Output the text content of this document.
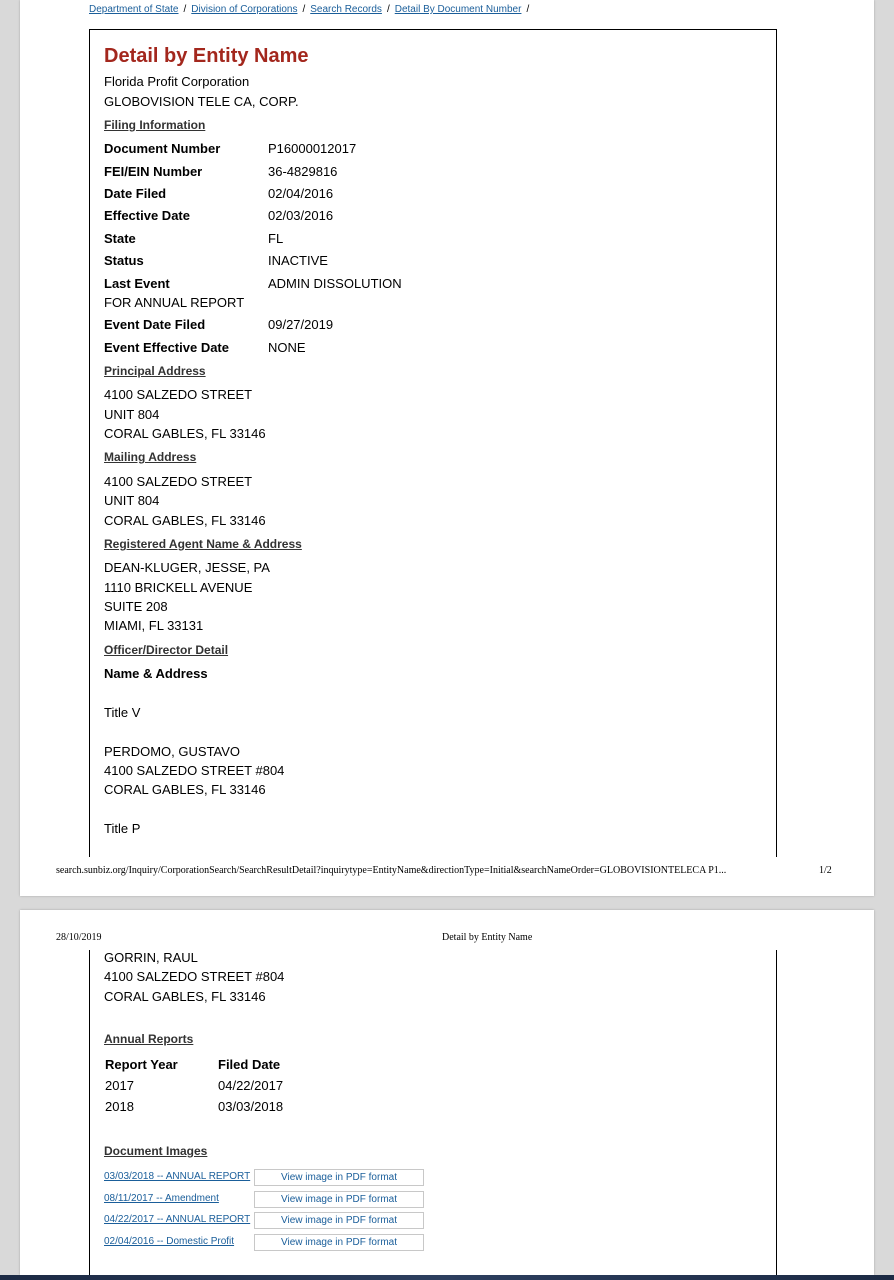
Department of State / Division of Corporations / Search Records / Detail By Document Number /
Detail by Entity Name
Florida Profit Corporation
GLOBOVISION TELE CA, CORP.
Filing Information
Document Number	P16000012017
FEI/EIN Number	36-4829816
Date Filed	02/04/2016
Effective Date	02/03/2016
State	FL
Status	INACTIVE
Last Event	ADMIN DISSOLUTION
FOR ANNUAL REPORT
Event Date Filed	09/27/2019
Event Effective Date	NONE
Principal Address
4100 SALZEDO STREET
UNIT 804
CORAL GABLES, FL 33146
Mailing Address
4100 SALZEDO STREET
UNIT 804
CORAL GABLES, FL 33146
Registered Agent Name & Address
DEAN-KLUGER, JESSE, PA
1110 BRICKELL AVENUE
SUITE 208
MIAMI, FL 33131
Officer/Director Detail
Name & Address
Title V
PERDOMO, GUSTAVO
4100 SALZEDO STREET #804
CORAL GABLES, FL 33146
Title P
search.sunbiz.org/Inquiry/CorporationSearch/SearchResultDetail?inquirytype=EntityName&directionType=Initial&searchNameOrder=GLOBOVISIONTELECA P1...	1/2
28/10/2019	Detail by Entity Name
GORRIN, RAUL
4100 SALZEDO STREET #804
CORAL GABLES, FL 33146
Annual Reports
Report Year	Filed Date
2017	04/22/2017
2018	03/03/2018
Document Images
03/03/2018 -- ANNUAL REPORT	View image in PDF format
08/11/2017 -- Amendment	View image in PDF format
04/22/2017 -- ANNUAL REPORT	View image in PDF format
02/04/2016 -- Domestic Profit	View image in PDF format
